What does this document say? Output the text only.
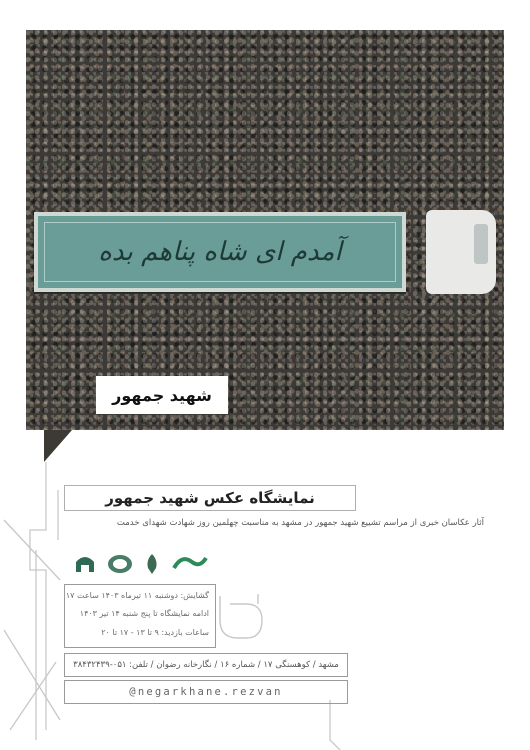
آمدم ای شاه پناهم بده
شهید جمهور
نمایشگاه عکس شهید جمهور
آثار عکاسان خبری از مراسم تشییع شهید جمهور در مشهد به مناسبت چهلمین روز شهادت شهدای خدمت
گشایش: دوشنبه ۱۱ تیرماه ۱۴۰۳ ساعت ۱۷
ادامه نمایشگاه تا پنج شنبه ۱۴ تیر ۱۴۰۳
ساعات بازدید: ۹ تا ۱۳ - ۱۷ تا ۲۰
مشهد / کوهسنگی ۱۷ / شماره ۱۶ / نگارخانه رضوان / تلفن: ۰۵۱-۳۸۴۳۲۴۳۹
@negarkhane.rezvan
